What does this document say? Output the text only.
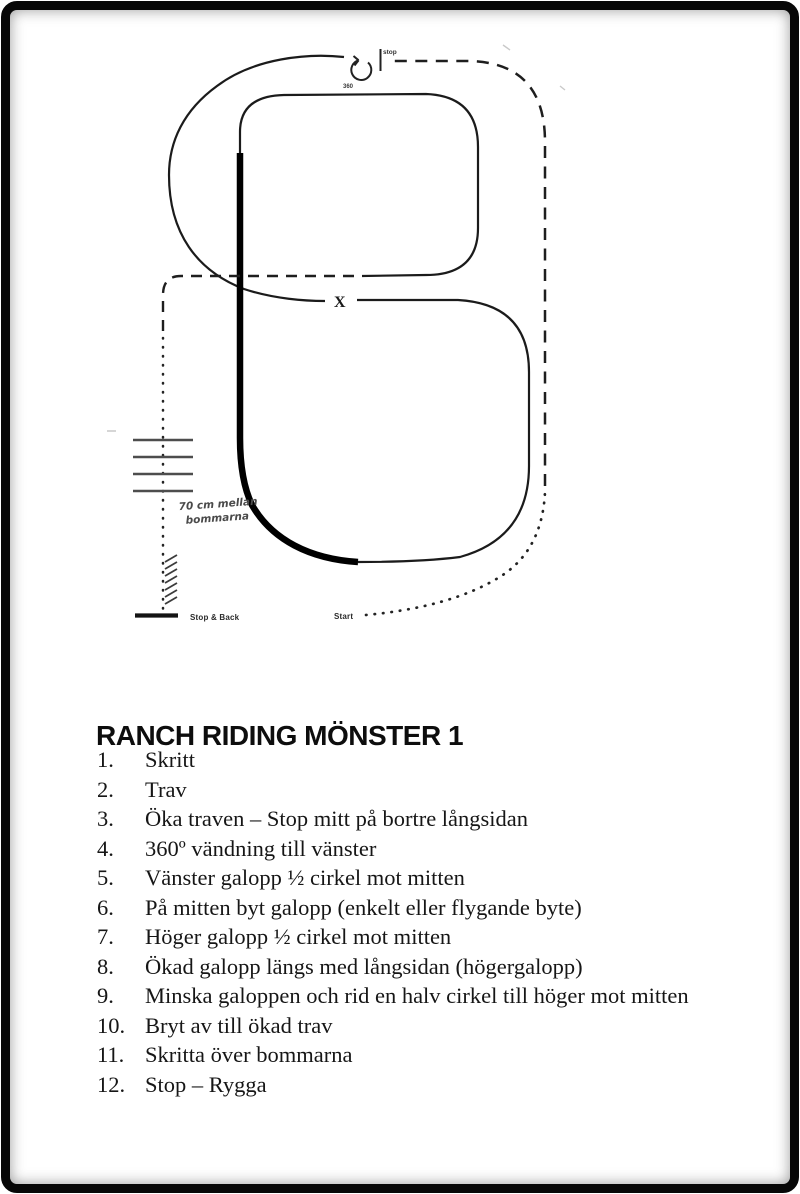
stop
360
X
70 cm mellan
bommarna
Stop & Back	Start
RANCH RIDING MÖNSTER 1
1.	Skritt
2.	Trav
3.	Öka traven – Stop mitt på bortre långsidan
4.	360º vändning till vänster
5.	Vänster galopp ½ cirkel mot mitten
6.	På mitten byt galopp (enkelt eller flygande byte)
7.	Höger galopp ½ cirkel mot mitten
8.	Ökad galopp längs med långsidan (högergalopp)
9.	Minska galoppen och rid en halv cirkel till höger mot mitten
10. Bryt av till ökad trav
11. Skritta över bommarna
12. Stop – Rygga
